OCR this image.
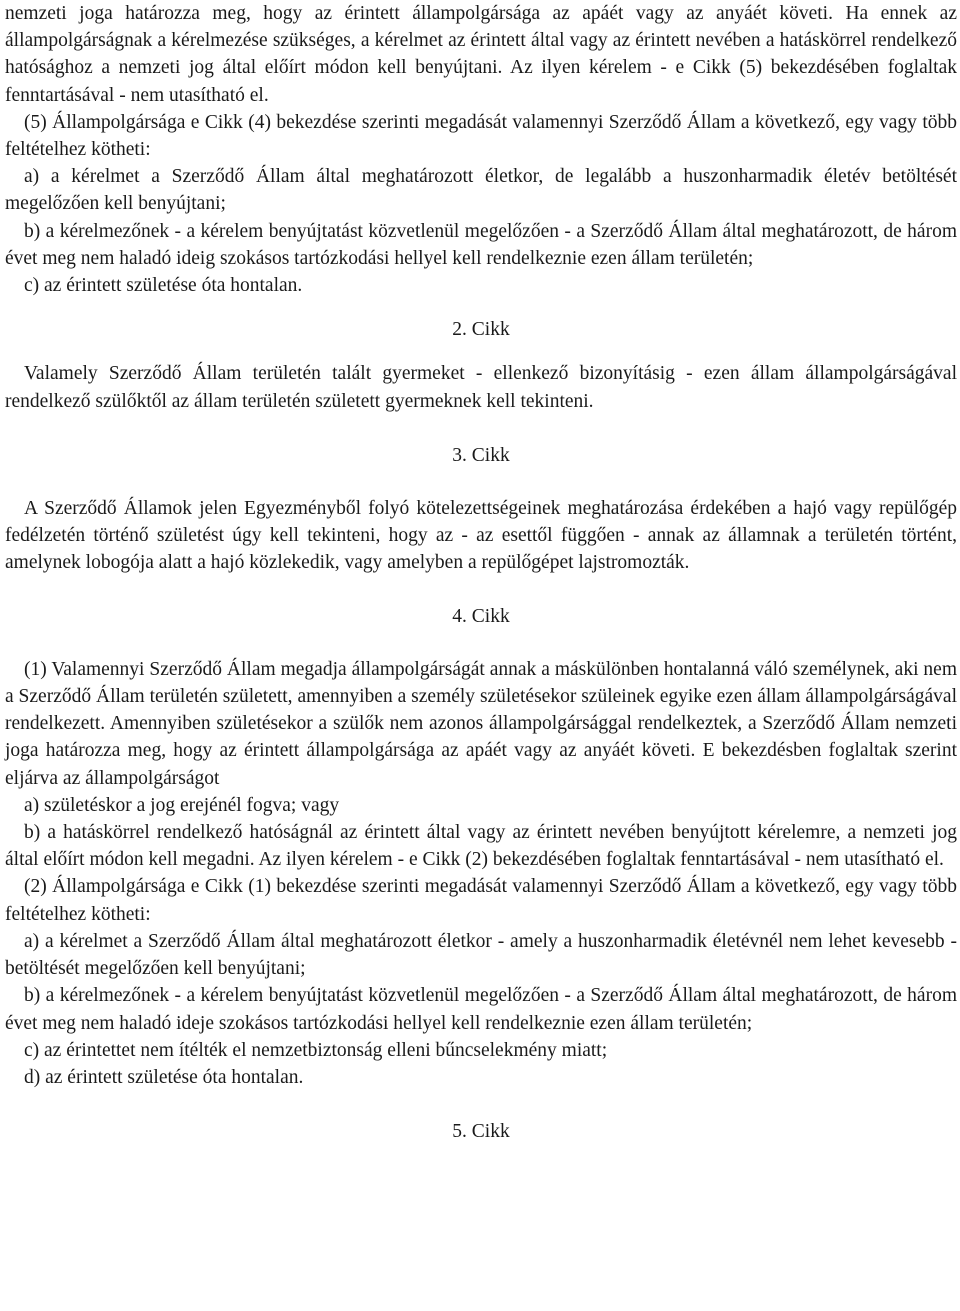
nemzeti joga határozza meg, hogy az érintett állampolgársága az apáét vagy az anyáét követi. Ha ennek az állampolgárságnak a kérelmezése szükséges, a kérelmet az érintett által vagy az érintett nevében a hatáskörrel rendelkező hatósághoz a nemzeti jog által előírt módon kell benyújtani. Az ilyen kérelem - e Cikk (5) bekezdésében foglaltak fenntartásával - nem utasítható el.

(5) Állampolgársága e Cikk (4) bekezdése szerinti megadását valamennyi Szerződő Állam a következő, egy vagy több feltételhez kötheti:

a) a kérelmet a Szerződő Állam által meghatározott életkor, de legalább a huszonharmadik életév betöltését megelőzően kell benyújtani;

b) a kérelmezőnek - a kérelem benyújtatást közvetlenül megelőzően - a Szerződő Állam által meghatározott, de három évet meg nem haladó ideig szokásos tartózkodási hellyel kell rendelkeznie ezen állam területén;

c) az érintett születése óta hontalan.

2. Cikk

Valamely Szerződő Állam területén talált gyermeket - ellenkező bizonyításig - ezen állam állampolgárságával rendelkező szülőktől az állam területén született gyermeknek kell tekinteni.

3. Cikk

A Szerződő Államok jelen Egyezményből folyó kötelezettségeinek meghatározása érdekében a hajó vagy repülőgép fedélzetén történő születést úgy kell tekinteni, hogy az - az esettől függően - annak az államnak a területén történt, amelynek lobogója alatt a hajó közlekedik, vagy amelyben a repülőgépet lajstromozták.

4. Cikk

(1) Valamennyi Szerződő Állam megadja állampolgárságát annak a máskülönben hontalanná váló személynek, aki nem a Szerződő Állam területén született, amennyiben a személy születésekor szüleinek egyike ezen állam állampolgárságával rendelkezett. Amennyiben születésekor a szülők nem azonos állampolgársággal rendelkeztek, a Szerződő Állam nemzeti joga határozza meg, hogy az érintett állampolgársága az apáét vagy az anyáét követi. E bekezdésben foglaltak szerint eljárva az állampolgárságot

a) születéskor a jog erejénél fogva; vagy

b) a hatáskörrel rendelkező hatóságnál az érintett által vagy az érintett nevében benyújtott kérelemre, a nemzeti jog által előírt módon kell megadni. Az ilyen kérelem - e Cikk (2) bekezdésében foglaltak fenntartásával - nem utasítható el.

(2) Állampolgársága e Cikk (1) bekezdése szerinti megadását valamennyi Szerződő Állam a következő, egy vagy több feltételhez kötheti:

a) a kérelmet a Szerződő Állam által meghatározott életkor - amely a huszonharmadik életévnél nem lehet kevesebb - betöltését megelőzően kell benyújtani;

b) a kérelmezőnek - a kérelem benyújtatást közvetlenül megelőzően - a Szerződő Állam által meghatározott, de három évet meg nem haladó ideje szokásos tartózkodási hellyel kell rendelkeznie ezen állam területén;

c) az érintettet nem ítélték el nemzetbiztonság elleni bűncselekmény miatt;

d) az érintett születése óta hontalan.

5. Cikk
